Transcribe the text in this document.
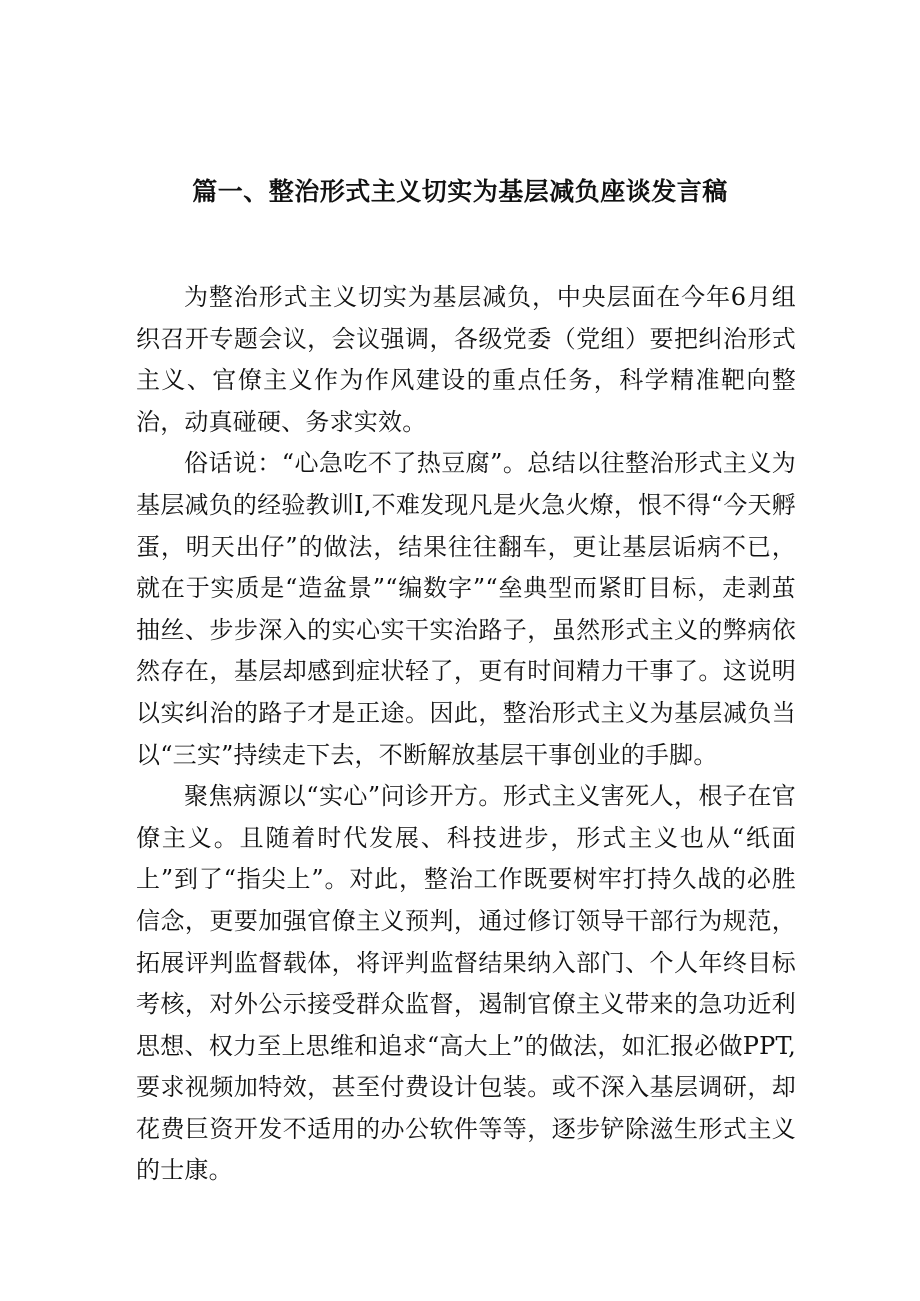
篇一、整治形式主义切实为基层减负座谈发言稿

为整治形式主义切实为基层减负，中央层面在今年6月组织召开专题会议，会议强调，各级党委（党组）要把纠治形式主义、官僚主义作为作风建设的重点任务，科学精准靶向整治，动真碰硬、务求实效。

俗话说：“心急吃不了热豆腐”。总结以往整治形式主义为基层减负的经验教训I,不难发现凡是火急火燎，恨不得“今天孵蛋，明天出仔”的做法，结果往往翻车，更让基层诟病不已，就在于实质是“造盆景”“编数字”“垒典型而紧盯目标，走剥茧抽丝、步步深入的实心实干实治路子，虽然形式主义的弊病依然存在，基层却感到症状轻了，更有时间精力干事了。这说明以实纠治的路子才是正途。因此，整治形式主义为基层减负当以“三实”持续走下去，不断解放基层干事创业的手脚。

聚焦病源以“实心”问诊开方。形式主义害死人，根子在官僚主义。且随着时代发展、科技进步，形式主义也从“纸面上”到了“指尖上”。对此，整治工作既要树牢打持久战的必胜信念，更要加强官僚主义预判，通过修订领导干部行为规范，拓展评判监督载体，将评判监督结果纳入部门、个人年终目标考核，对外公示接受群众监督，遏制官僚主义带来的急功近利思想、权力至上思维和追求“高大上”的做法，如汇报必做PPT,要求视频加特效，甚至付费设计包装。或不深入基层调研，却花费巨资开发不适用的办公软件等等，逐步铲除滋生形式主义的士康。
